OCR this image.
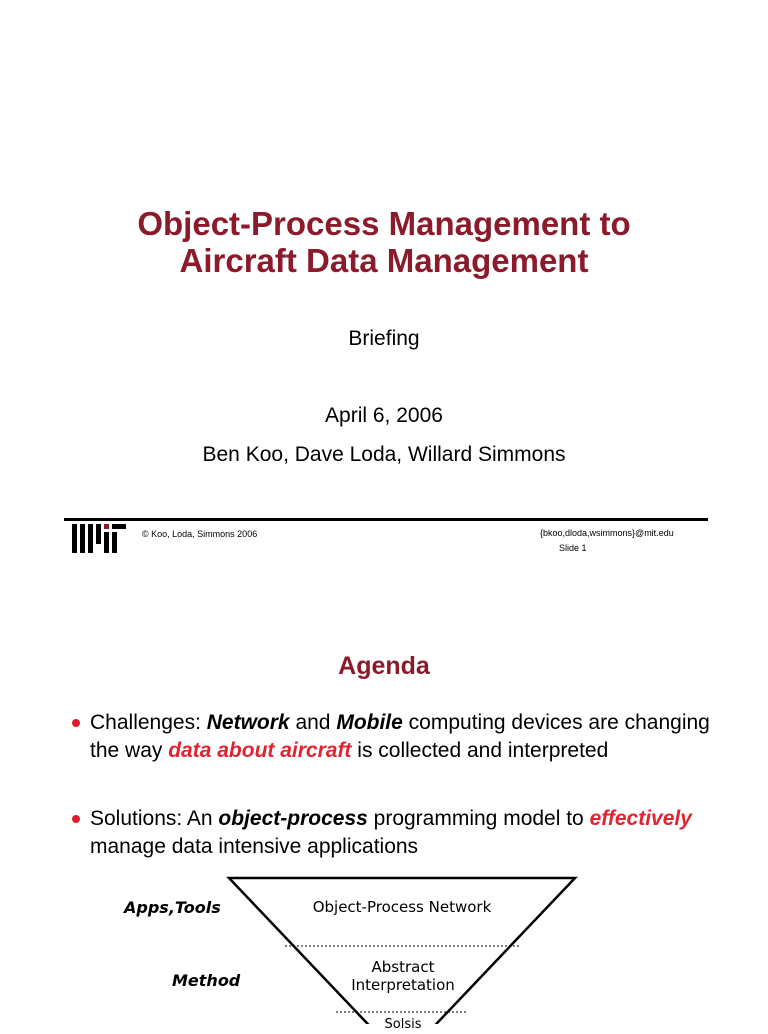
Object-Process Management to
Aircraft Data Management
Briefing
April 6, 2006
Ben Koo, Dave Loda, Willard Simmons
© Koo, Loda, Simmons 2006	{bkoo,dloda,wsimmons}@mit.edu
Slide 1
Agenda
Challenges: Network and Mobile computing devices are changing the way data about aircraft is collected and interpreted
Solutions: An object-process programming model to effectively manage data intensive applications
Apps,Tools
Method
Object-Process Network
Abstract
Interpretation
Solsis
